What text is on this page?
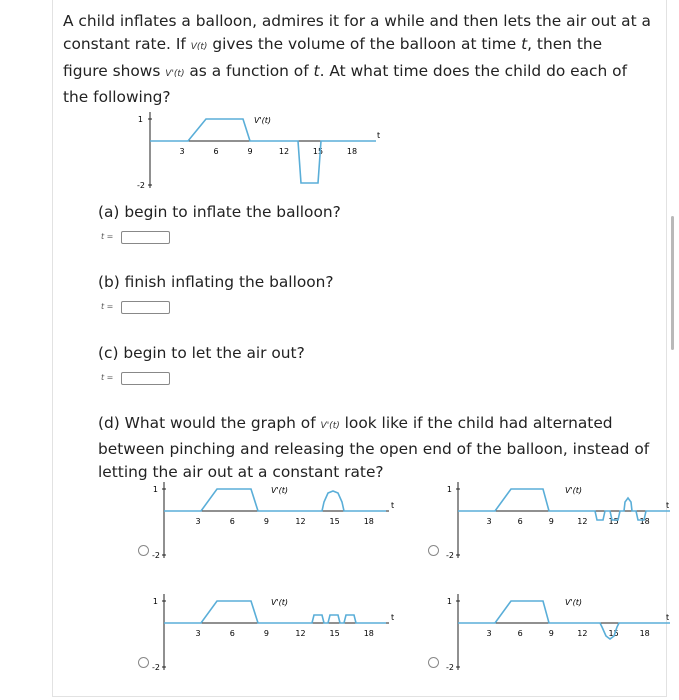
A child inflates a balloon, admires it for a while and then lets the air out at a
constant rate. If V(t) gives the volume of the balloon at time t, then the
figure shows V'(t) as a function of t. At what time does the child do each of
the following?
1
-2
t
3	6	9	12	15	18
V'(t)
(a) begin to inflate the balloon?
t =
(b) finish inflating the balloon?
t =
(c) begin to let the air out?
t =
(d) What would the graph of V'(t) look like if the child had alternated
between pinching and releasing the open end of the balloon, instead of
letting the air out at a constant rate?
1
-2
t
3	6	9	12	15	18
V'(t)	1
-2
t
3	6	9	12	15	18
V'(t)
1
-2
t
3	6	9	12	15	18
V'(t)	1
-2
t
3	6	9	12	15	18
V'(t)
